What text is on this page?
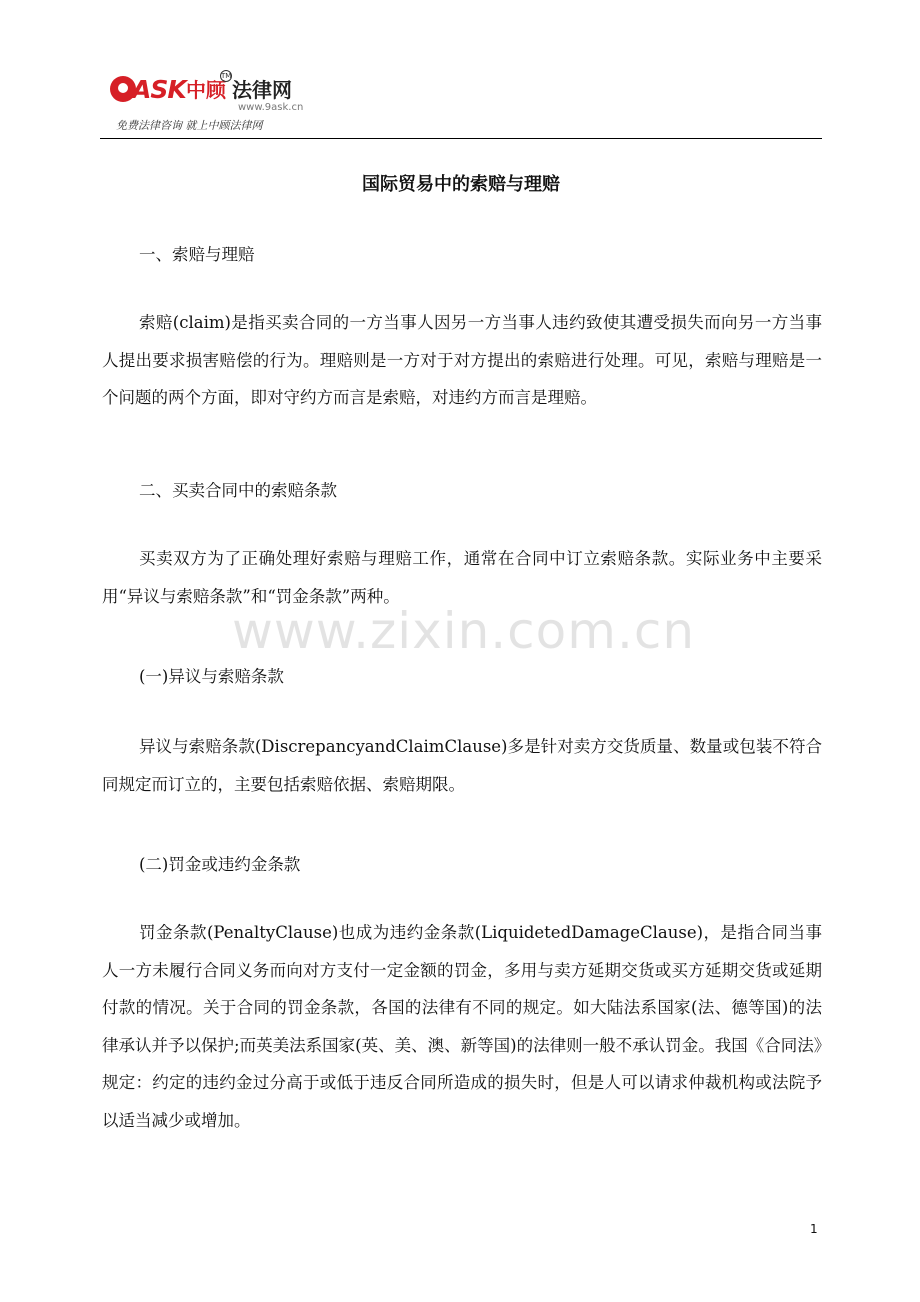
ASK 中顾
TM
法律网
www.9ask.cn
免费法律咨询 就上中顾法律网
国际贸易中的索赔与理赔

一、索赔与理赔

索赔(claim)是指买卖合同的一方当事人因另一方当事人违约致使其遭受损失而向另一方当事人提出要求损害赔偿的行为。理赔则是一方对于对方提出的索赔进行处理。可见，索赔与理赔是一个问题的两个方面，即对守约方而言是索赔，对违约方而言是理赔。

二、买卖合同中的索赔条款

买卖双方为了正确处理好索赔与理赔工作，通常在合同中订立索赔条款。实际业务中主要采用“异议与索赔条款”和“罚金条款”两种。

(一)异议与索赔条款

异议与索赔条款(DiscrepancyandClaimClause)多是针对卖方交货质量、数量或包装不符合同规定而订立的，主要包括索赔依据、索赔期限。

(二)罚金或违约金条款

罚金条款(PenaltyClause)也成为违约金条款(LiquidetedDamageClause)，是指合同当事人一方未履行合同义务而向对方支付一定金额的罚金，多用与卖方延期交货或买方延期交货或延期付款的情况。关于合同的罚金条款，各国的法律有不同的规定。如大陆法系国家(法、德等国)的法律承认并予以保护;而英美法系国家(英、美、澳、新等国)的法律则一般不承认罚金。我国《合同法》规定：约定的违约金过分高于或低于违反合同所造成的损失时，但是人可以请求仲裁机构或法院予以适当减少或增加。

www.zixin.com.cn
1
